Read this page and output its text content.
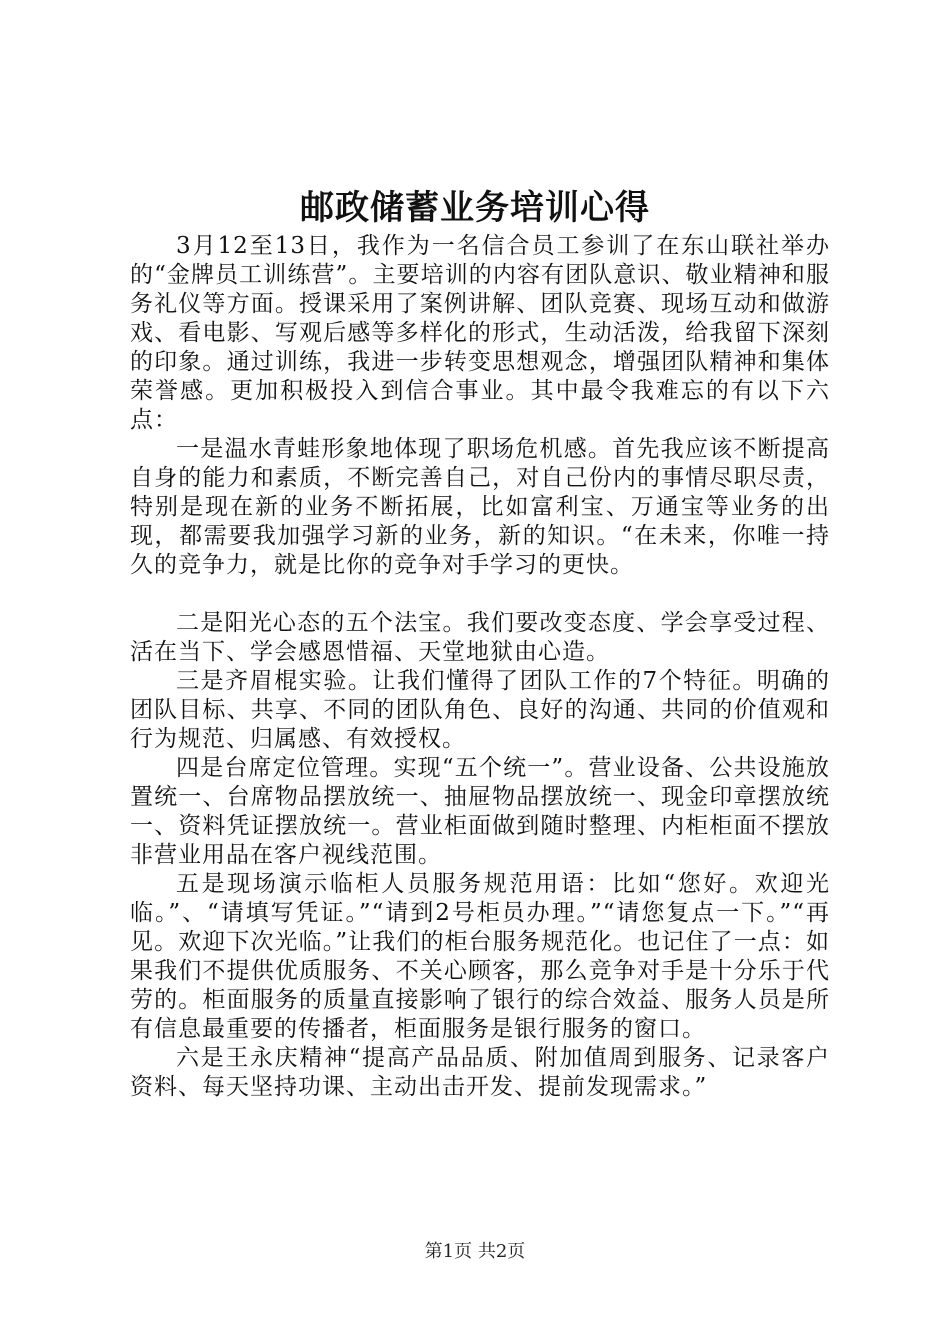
邮政储蓄业务培训心得

3月12至13日，我作为一名信合员工参训了在东山联社举办的“金牌员工训练营”。主要培训的内容有团队意识、敬业精神和服务礼仪等方面。授课采用了案例讲解、团队竞赛、现场互动和做游戏、看电影、写观后感等多样化的形式，生动活泼，给我留下深刻的印象。通过训练，我进一步转变思想观念，增强团队精神和集体荣誉感。更加积极投入到信合事业。其中最令我难忘的有以下六点：

一是温水青蛙形象地体现了职场危机感。首先我应该不断提高自身的能力和素质，不断完善自己，对自己份内的事情尽职尽责，特别是现在新的业务不断拓展，比如富利宝、万通宝等业务的出现，都需要我加强学习新的业务，新的知识。“在未来，你唯一持久的竞争力，就是比你的竞争对手学习的更快。

二是阳光心态的五个法宝。我们要改变态度、学会享受过程、活在当下、学会感恩惜福、天堂地狱由心造。

三是齐眉棍实验。让我们懂得了团队工作的7个特征。明确的团队目标、共享、不同的团队角色、良好的沟通、共同的价值观和行为规范、归属感、有效授权。

四是台席定位管理。实现“五个统一”。营业设备、公共设施放置统一、台席物品摆放统一、抽屉物品摆放统一、现金印章摆放统一、资料凭证摆放统一。营业柜面做到随时整理、内柜柜面不摆放非营业用品在客户视线范围。

五是现场演示临柜人员服务规范用语：比如“您好。欢迎光临。”、“请填写凭证。”“请到2号柜员办理。”“请您复点一下。”“再见。欢迎下次光临。”让我们的柜台服务规范化。也记住了一点：如果我们不提供优质服务、不关心顾客，那么竞争对手是十分乐于代劳的。柜面服务的质量直接影响了银行的综合效益、服务人员是所有信息最重要的传播者，柜面服务是银行服务的窗口。

六是王永庆精神“提高产品品质、附加值周到服务、记录客户资料、每天坚持功课、主动出击开发、提前发现需求。”

第1页 共2页
